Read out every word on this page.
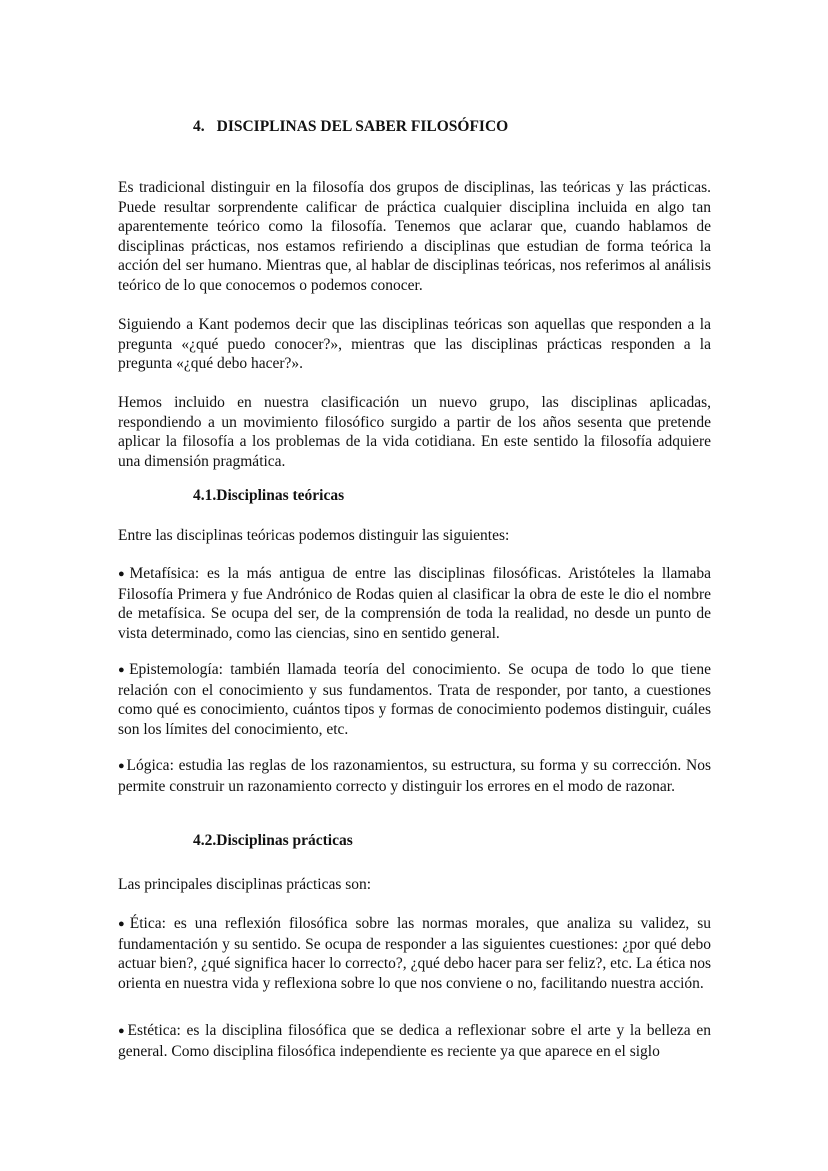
4. DISCIPLINAS DEL SABER FILOSÓFICO

Es tradicional distinguir en la filosofía dos grupos de disciplinas, las teóricas y las prácticas. Puede resultar sorprendente calificar de práctica cualquier disciplina incluida en algo tan aparentemente teórico como la filosofía. Tenemos que aclarar que, cuando hablamos de disciplinas prácticas, nos estamos refiriendo a disciplinas que estudian de forma teórica la acción del ser humano. Mientras que, al hablar de disciplinas teóricas, nos referimos al análisis teórico de lo que conocemos o podemos conocer.

Siguiendo a Kant podemos decir que las disciplinas teóricas son aquellas que responden a la pregunta «¿qué puedo conocer?», mientras que las disciplinas prácticas responden a la pregunta «¿qué debo hacer?».

Hemos incluido en nuestra clasificación un nuevo grupo, las disciplinas aplicadas, respondiendo a un movimiento filosófico surgido a partir de los años sesenta que pretende aplicar la filosofía a los problemas de la vida cotidiana. En este sentido la filosofía adquiere una dimensión pragmática.

4.1.Disciplinas teóricas

Entre las disciplinas teóricas podemos distinguir las siguientes:

●Metafísica: es la más antigua de entre las disciplinas filosóficas. Aristóteles la llamaba Filosofía Primera y fue Andrónico de Rodas quien al clasificar la obra de este le dio el nombre de metafísica. Se ocupa del ser, de la comprensión de toda la realidad, no desde un punto de vista determinado, como las ciencias, sino en sentido general.

●Epistemología: también llamada teoría del conocimiento. Se ocupa de todo lo que tiene relación con el conocimiento y sus fundamentos. Trata de responder, por tanto, a cuestiones como qué es conocimiento, cuántos tipos y formas de conocimiento podemos distinguir, cuáles son los límites del conocimiento, etc.

●Lógica: estudia las reglas de los razonamientos, su estructura, su forma y su corrección. Nos permite construir un razonamiento correcto y distinguir los errores en el modo de razonar.

4.2.Disciplinas prácticas

Las principales disciplinas prácticas son:

●Ética: es una reflexión filosófica sobre las normas morales, que analiza su validez, su fundamentación y su sentido. Se ocupa de responder a las siguientes cuestiones: ¿por qué debo actuar bien?, ¿qué significa hacer lo correcto?, ¿qué debo hacer para ser feliz?, etc. La ética nos orienta en nuestra vida y reflexiona sobre lo que nos conviene o no, facilitando nuestra acción.

●Estética: es la disciplina filosófica que se dedica a reflexionar sobre el arte y la belleza en general. Como disciplina filosófica independiente es reciente ya que aparece en el siglo
